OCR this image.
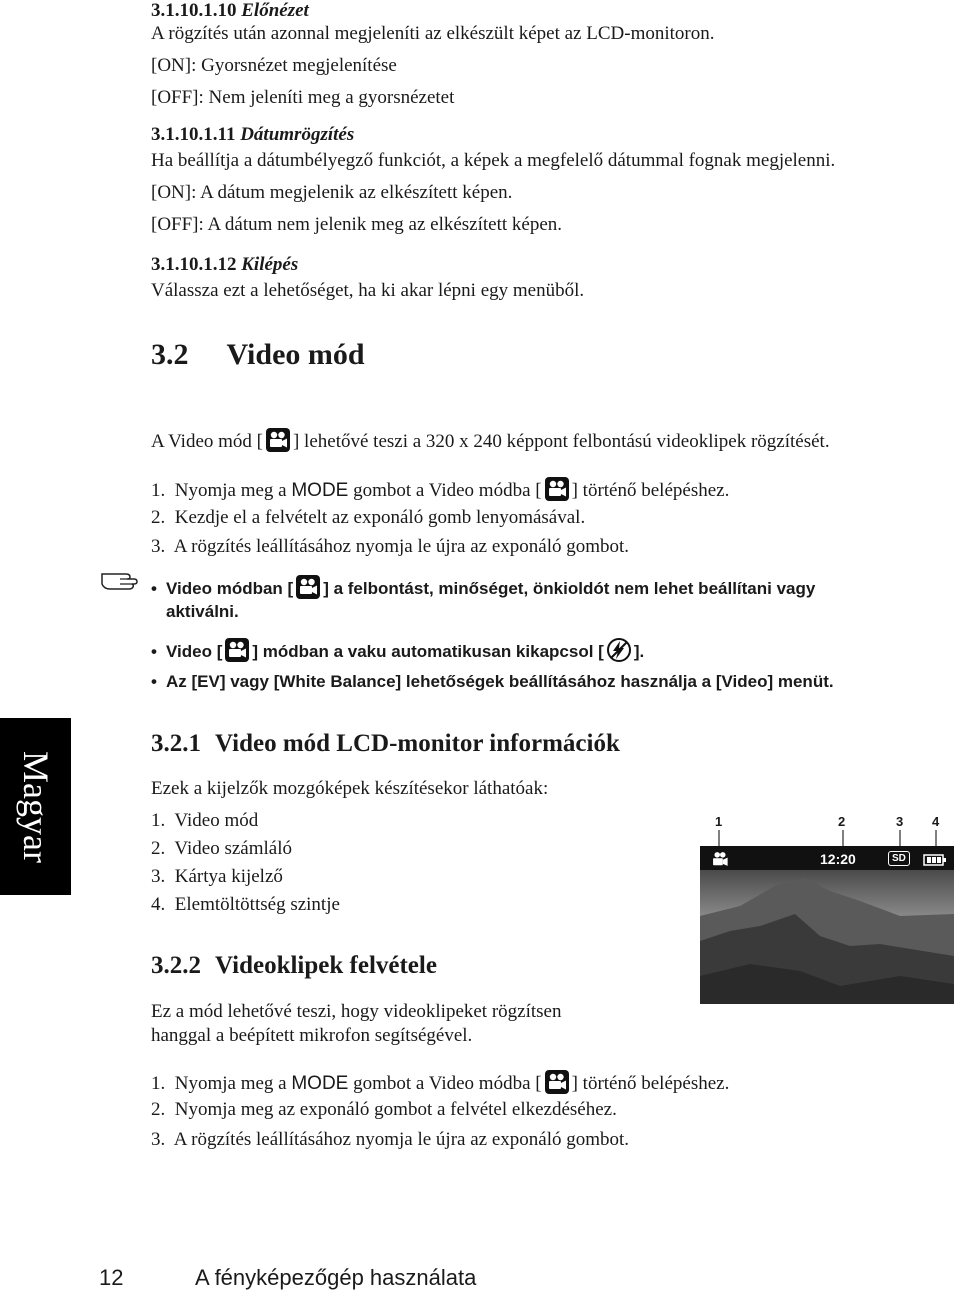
3.1.10.1.10 Előnézet
A rögzítés után azonnal megjeleníti az elkészült képet az LCD-monitoron.
[ON]: Gyorsnézet megjelenítése
[OFF]: Nem jeleníti meg a gyorsnézetet
3.1.10.1.11 Dátumrögzítés
Ha beállítja a dátumbélyegző funkciót, a képek a megfelelő dátummal fognak megjelenni.
[ON]: A dátum megjelenik az elkészített képen.
[OFF]: A dátum nem jelenik meg az elkészített képen.
3.1.10.1.12 Kilépés
Válassza ezt a lehetőséget, ha ki akar lépni egy menüből.
3.2 Video mód
A Video mód [ ] lehetővé teszi a 320 x 240 képpont felbontású videoklipek rögzítését.
1. Nyomja meg a MODE gombot a Video módba [ ] történő belépéshez.
2. Kezdje el a felvételt az exponáló gomb lenyomásával.
3. A rögzítés leállításához nyomja le újra az exponáló gombot.
• Video módban [ ] a felbontást, minőséget, önkioldót nem lehet beállítani vagy
aktiválni.
• Video [ ] módban a vaku automatikusan kikapcsol [ ].
• Az [EV] vagy [White Balance] lehetőségek beállításához használja a [Video] menüt.
Magyar
3.2.1 Video mód LCD-monitor információk
Ezek a kijelzők mozgóképek készítésekor láthatóak:
1. Video mód
2. Video számláló
3. Kártya kijelző
4. Elemtöltöttség szintje
1	2	3 4
12:20	SD
3.2.2 Videoklipek felvétele
Ez a mód lehetővé teszi, hogy videoklipeket rögzítsen
hanggal a beépített mikrofon segítségével.
1. Nyomja meg a MODE gombot a Video módba [ ] történő belépéshez.
2. Nyomja meg az exponáló gombot a felvétel elkezdéséhez.
3. A rögzítés leállításához nyomja le újra az exponáló gombot.
12	A fényképezőgép használata
